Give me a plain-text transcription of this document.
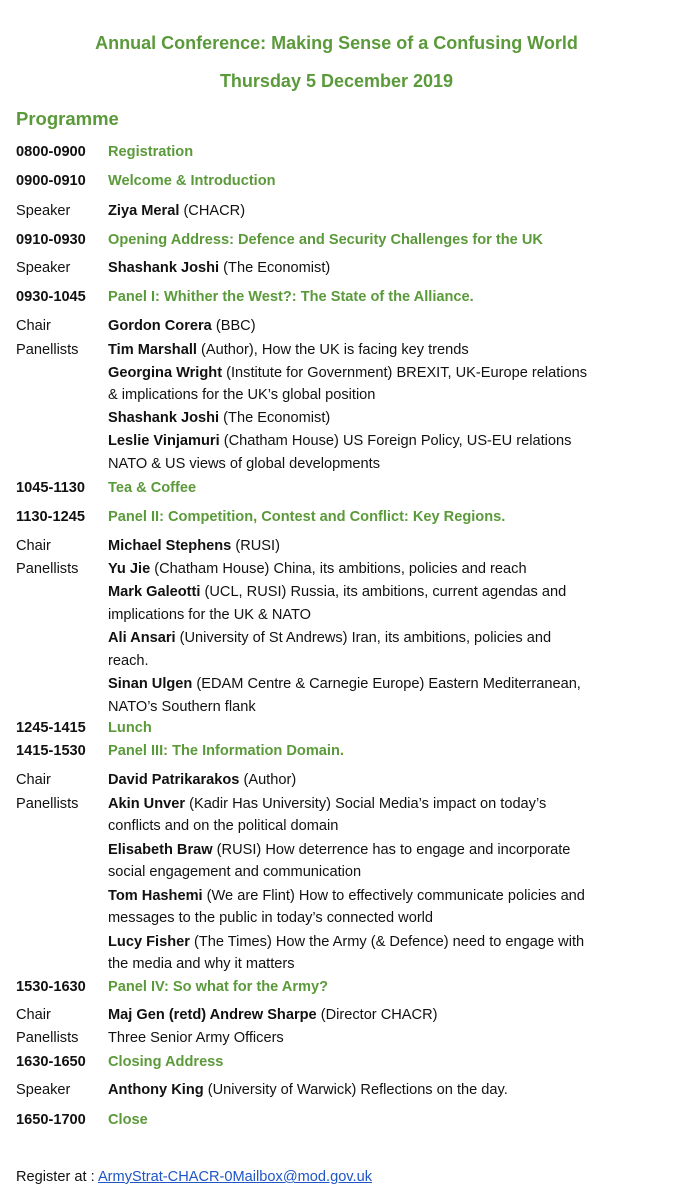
Annual Conference: Making Sense of a Confusing World
Thursday 5 December 2019
Programme
0800-0900 Registration
0900-0910 Welcome & Introduction
Speaker	Ziya Meral (CHACR)
0910-0930 Opening Address: Defence and Security Challenges for the UK
Speaker	Shashank Joshi (The Economist)
0930-1045 Panel I: Whither the West?: The State of the Alliance.
Chair	Gordon Corera (BBC)
Panellists Tim Marshall (Author), How the UK is facing key trends
Georgina Wright (Institute for Government) BREXIT, UK-Europe relations
& implications for the UK’s global position
Shashank Joshi (The Economist)
Leslie Vinjamuri (Chatham House) US Foreign Policy, US-EU relations
NATO & US views of global developments
1045-1130 Tea & Coffee
1130-1245 Panel II: Competition, Contest and Conflict: Key Regions.
Chair	Michael Stephens (RUSI)
Panellists Yu Jie (Chatham House) China, its ambitions, policies and reach
Mark Galeotti (UCL, RUSI) Russia, its ambitions, current agendas and
implications for the UK & NATO
Ali Ansari (University of St Andrews) Iran, its ambitions, policies and
reach.
Sinan Ulgen (EDAM Centre & Carnegie Europe) Eastern Mediterranean,
NATO’s Southern flank
1245-1415 Lunch
1415-1530 Panel III: The Information Domain.
Chair	David Patrikarakos (Author)
Panellists Akin Unver (Kadir Has University) Social Media’s impact on today’s
conflicts and on the political domain
Elisabeth Braw (RUSI) How deterrence has to engage and incorporate
social engagement and communication
Tom Hashemi (We are Flint) How to effectively communicate policies and
messages to the public in today’s connected world
Lucy Fisher (The Times) How the Army (& Defence) need to engage with
the media and why it matters
1530-1630 Panel IV: So what for the Army?
Chair	Maj Gen (retd) Andrew Sharpe (Director CHACR)
Panellists Three Senior Army Officers
1630-1650 Closing Address
Speaker	Anthony King (University of Warwick) Reflections on the day.
1650-1700 Close
Register at : ArmyStrat-CHACR-0Mailbox@mod.gov.uk
